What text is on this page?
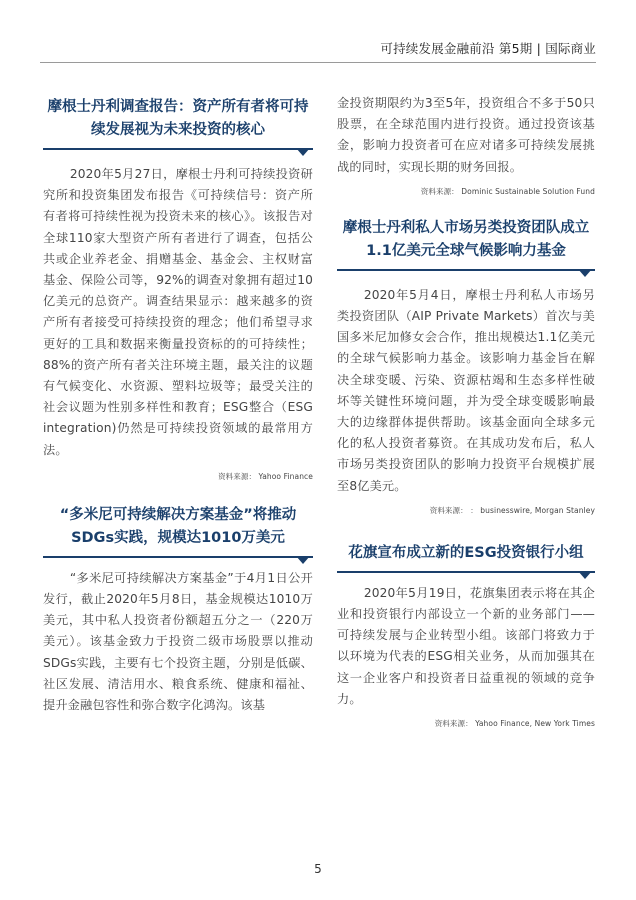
可持续发展金融前沿 第5期 | 国际商业
摩根士丹利调查报告：资产所有者将可持续发展视为未来投资的核心

2020年5月27日，摩根士丹利可持续投资研究所和投资集团发布报告《可持续信号：资产所有者将可持续性视为投资未来的核心》。该报告对全球110家大型资产所有者进行了调查，包括公共或企业养老金、捐赠基金、基金会、主权财富基金、保险公司等，92%的调查对象拥有超过10亿美元的总资产。调查结果显示：越来越多的资产所有者接受可持续投资的理念；他们希望寻求更好的工具和数据来衡量投资标的的可持续性；88%的资产所有者关注环境主题，最关注的议题有气候变化、水资源、塑料垃圾等；最受关注的社会议题为性别多样性和教育；ESG整合（ESG integration)仍然是可持续投资领域的最常用方法。

资料来源： Yahoo Finance
“多米尼可持续解决方案基金”将推动SDGs实践，规模达1010万美元

“多米尼可持续解决方案基金”于4月1日公开发行，截止2020年5月8日，基金规模达1010万美元，其中私人投资者份额超五分之一（220万美元）。该基金致力于投资二级市场股票以推动SDGs实践，主要有七个投资主题，分别是低碳、社区发展、清洁用水、粮食系统、健康和福祉、提升金融包容性和弥合数字化鸿沟。该基

金投资期限约为3至5年，投资组合不多于50只股票，在全球范围内进行投资。通过投资该基金，影响力投资者可在应对诸多可持续发展挑战的同时，实现长期的财务回报。

资料来源： Dominic Sustainable Solution Fund
摩根士丹利私人市场另类投资团队成立1.1亿美元全球气候影响力基金

2020年5月4日，摩根士丹利私人市场另类投资团队（AIP Private Markets）首次与美国多米尼加修女会合作，推出规模达1.1亿美元的全球气候影响力基金。该影响力基金旨在解决全球变暖、污染、资源枯竭和生态多样性破坏等关键性环境问题，并为受全球变暖影响最大的边缘群体提供帮助。该基金面向全球多元化的私人投资者募资。在其成功发布后，私人市场另类投资团队的影响力投资平台规模扩展至8亿美元。

资料来源： ： businesswire, Morgan Stanley
花旗宣布成立新的ESG投资银行小组

2020年5月19日，花旗集团表示将在其企业和投资银行内部设立一个新的业务部门——可持续发展与企业转型小组。该部门将致力于以环境为代表的ESG相关业务，从而加强其在这一企业客户和投资者日益重视的领域的竞争力。

资料来源： Yahoo Finance, New York Times
5
